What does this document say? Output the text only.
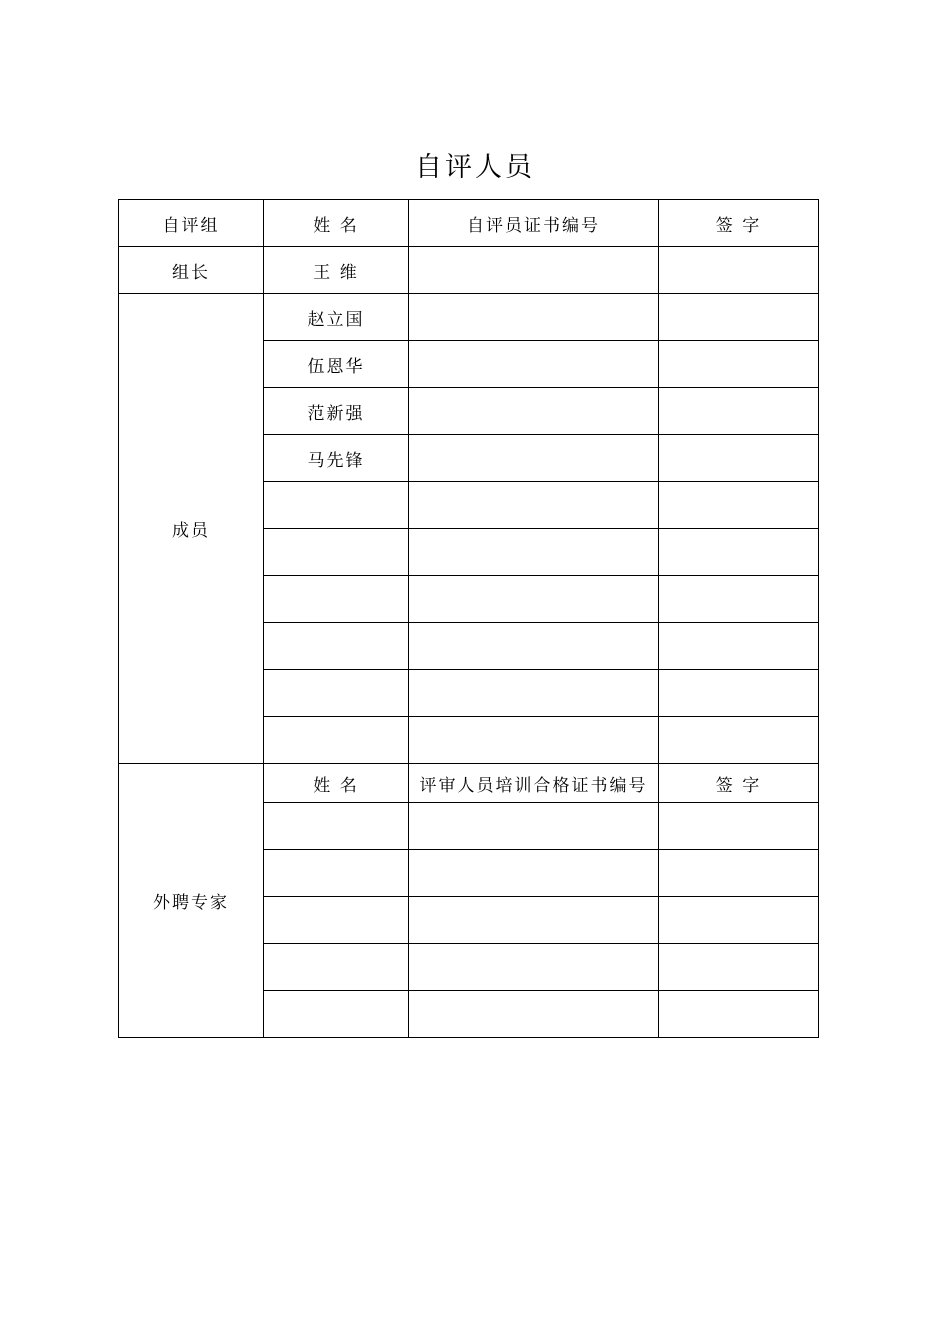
自评人员
自评组	姓 名	自评员证书编号	签 字
组长	王 维		
成员	赵立国		
	伍恩华		
	范新强		
	马先锋		

外聘专家	姓 名	评审人员培训合格证书编号	签 字
